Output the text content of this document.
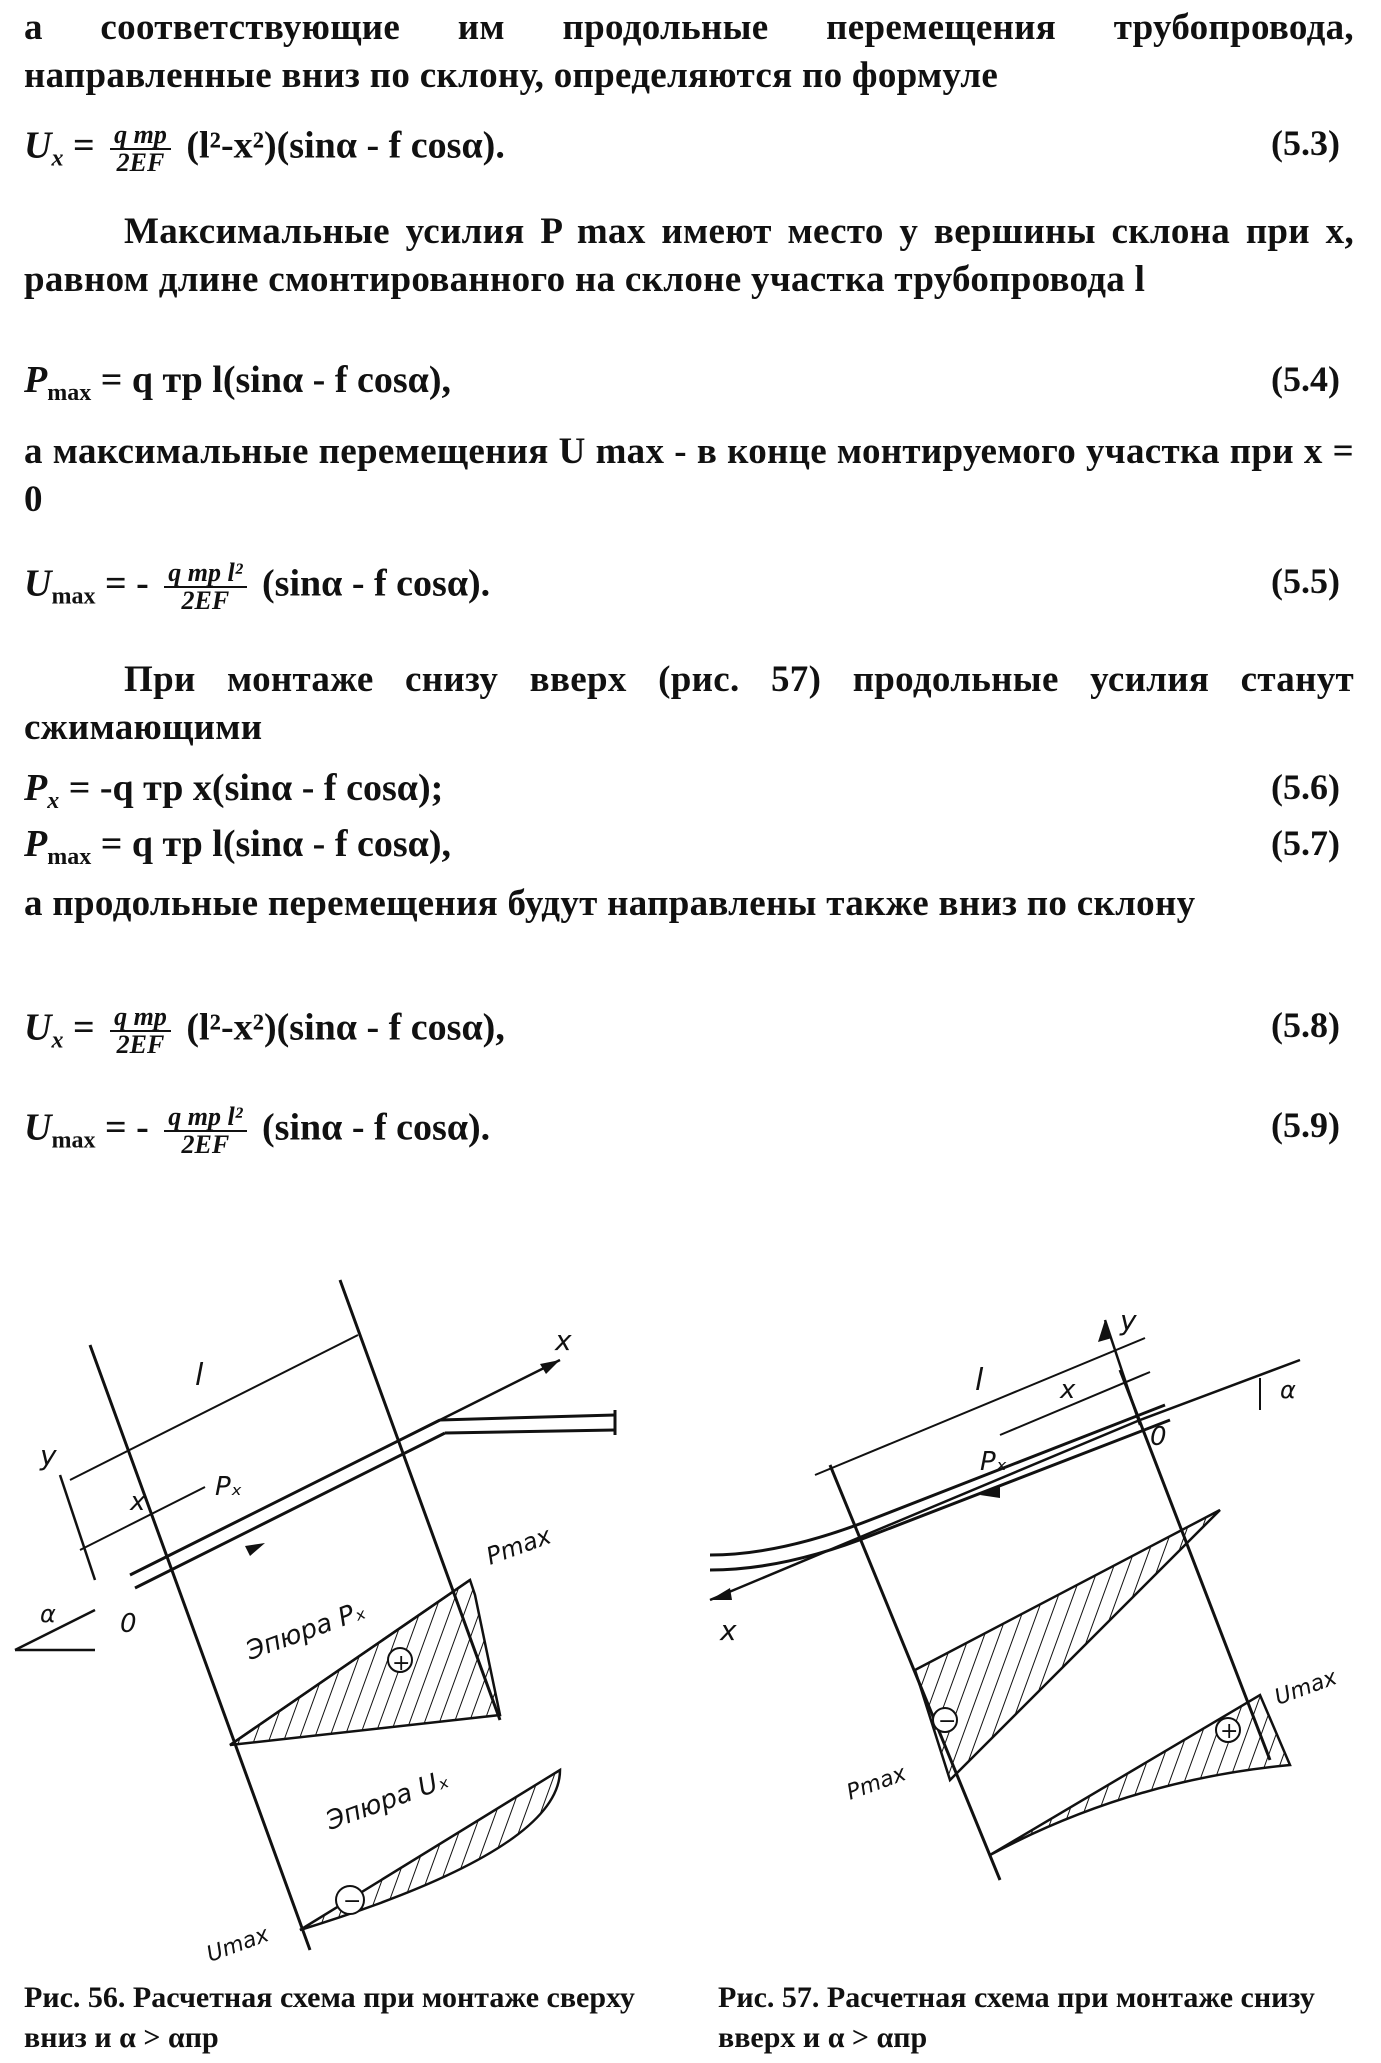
а соответствующие им продольные перемещения трубопровода, направленные вниз по склону, определяются по формуле
$U_x = \frac{\text{q тр}}{2EF} (l^2-x^2)(\sin\alpha - f$ cosα).	(5.3)
Максимальные усилия P max имеют место у вершины склона при x, равном длине смонтированного на склоне участка трубопровода l
$P_{max} = q$ тр l(sinα - f cosα),	(5.4)
а максимальные перемещения U max - в конце монтируемого участка при x = 0
$U_{max}$ = - $\frac{\text{q тр l²}}{2EF} (\sin\alpha$ - f cosα).	(5.5)
При монтаже снизу вверх (рис. 57) продольные усилия станут сжимающими
$P_x = -q$ тр x(sinα - f cosα);	(5.6)
$P_{max} = q$ тр l(sinα - f cosα),	(5.7)
а продольные перемещения будут направлены также вниз по склону
$U_x = \frac{\text{q тр}}{2EF} (l^2-x^2)(\sin\alpha - f$ cosα),	(5.8)
$U_{max}$ = - $\frac{\text{q тр l²}}{2EF} (\sin\alpha$ - f cosα).	(5.9)
x
y
l
x	Pₓ
0
α	Эпюра Pₓ
Pmax
+
Эпюра Uₓ
−
Umax
Рис. 56. Расчетная схема при монтаже сверху вниз и α > αпр
x
y
l	x
Pₓ
0
α
−
Pmax
+
Umax
Рис. 57. Расчетная схема при монтаже снизу вверх и α > αпр
